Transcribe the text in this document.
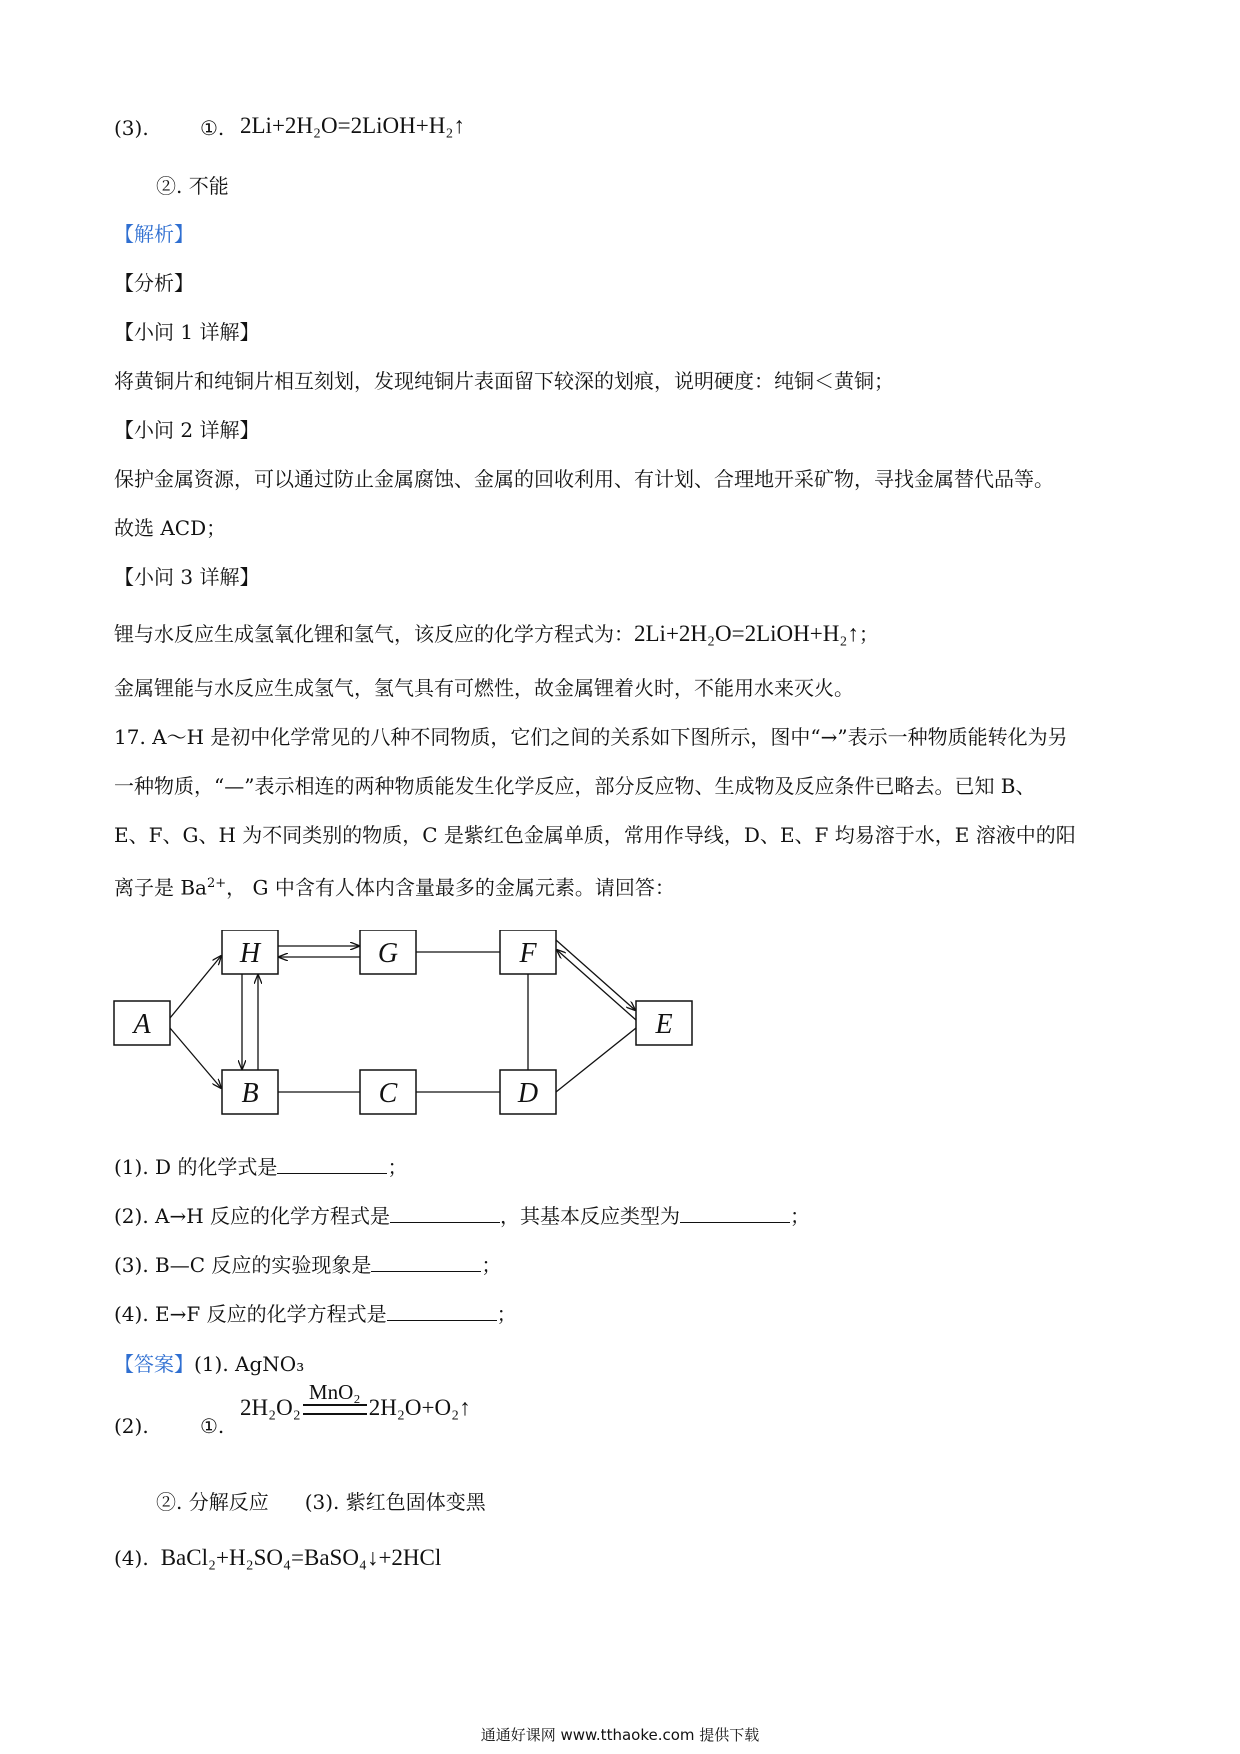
(3).	①. 2Li+2H₂O=2LiOH+H₂↑
②. 不能
【解析】
【分析】
【小问 1 详解】
将黄铜片和纯铜片相互刻划，发现纯铜片表面留下较深的划痕，说明硬度：纯铜＜黄铜；
【小问 2 详解】
保护金属资源，可以通过防止金属腐蚀、金属的回收利用、有计划、合理地开采矿物，寻找金属替代品等。
故选 ACD；
【小问 3 详解】
锂与水反应生成氢氧化锂和氢气，该反应的化学方程式为：2Li+2H₂O=2LiOH+H₂↑；
金属锂能与水反应生成氢气，氢气具有可燃性，故金属锂着火时，不能用水来灭火。
17. A～H 是初中化学常见的八种不同物质，它们之间的关系如下图所示，图中“→”表示一种物质能转化为另
一种物质，“—”表示相连的两种物质能发生化学反应，部分反应物、生成物及反应条件已略去。已知 B、
E、F、G、H 为不同类别的物质，C 是紫红色金属单质，常用作导线，D、E、F 均易溶于水，E 溶液中的阳
离子是 $Ba^{2+}$， G 中含有人体内含量最多的金属元素。请回答：
A
H
B
G
C
F
D
E
(1). D 的化学式是	；
(2). A→H 反应的化学方程式是	，其基本反应类型为	；
(3). B—C 反应的实验现象是	；
(4). E→F 反应的化学方程式是	；
【答案】(1). AgNO₃
(2).	①.
2H₂O₂
MnO₂
2H₂O+O₂↑
②. 分解反应 (3). 紫红色固体变黑
(4). BaCl₂+H₂SO₄=BaSO₄↓+2HCl
通通好课网 www.tthaoke.com 提供下载
